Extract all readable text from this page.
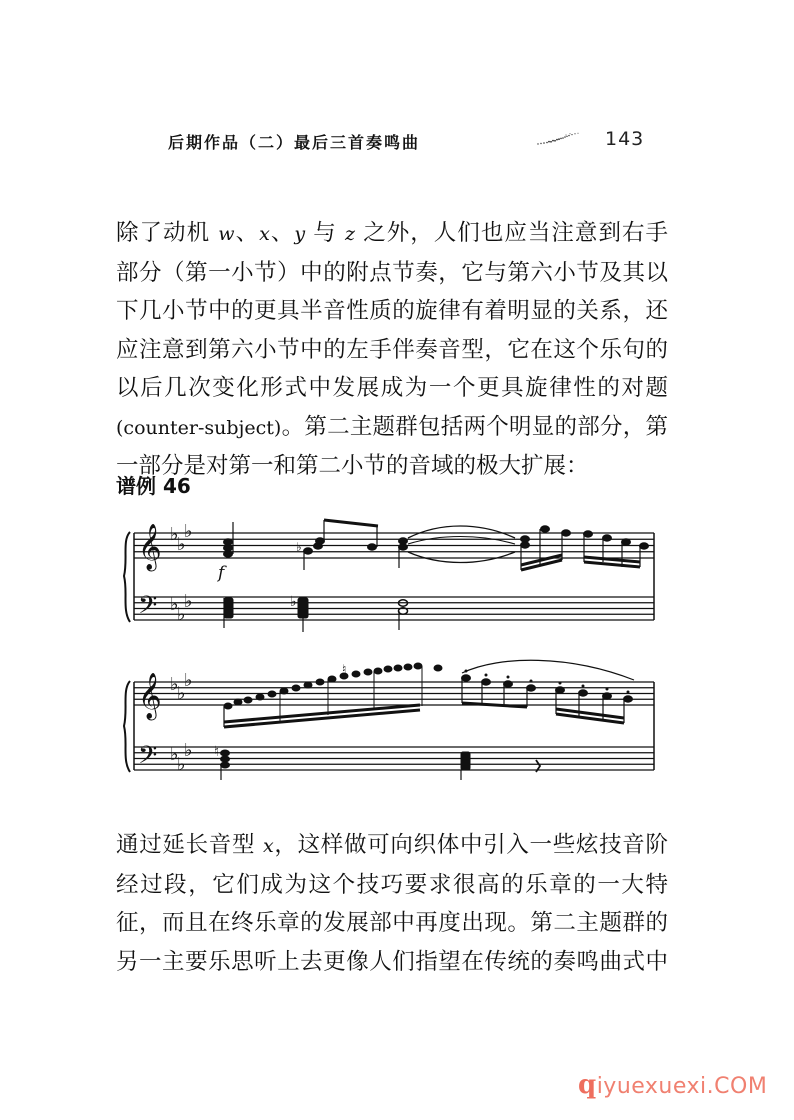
后期作品（二）最后三首奏鸣曲	143
除了动机 w、x、y 与 z 之外，人们也应当注意到右手
部分（第一小节）中的附点节奏，它与第六小节及其以
下几小节中的更具半音性质的旋律有着明显的关系，还
应注意到第六小节中的左手伴奏音型，它在这个乐句的
以后几次变化形式中发展成为一个更具旋律性的对题
(counter-subject)。第二主题群包括两个明显的部分，第
一部分是对第一和第二小节的音域的极大扩展：
谱例 46
𝄞
𝄢
𝄞
𝄢
♭
♭
♭
♭
♭
♭
♭
♭
♭
♭
♭
♭
f
♭
♭
♮
♮
通过延长音型 x，这样做可向织体中引入一些炫技音阶
经过段，它们成为这个技巧要求很高的乐章的一大特
征，而且在终乐章的发展部中再度出现。第二主题群的
另一主要乐思听上去更像人们指望在传统的奏鸣曲式中
qiyuexuexi.COM
